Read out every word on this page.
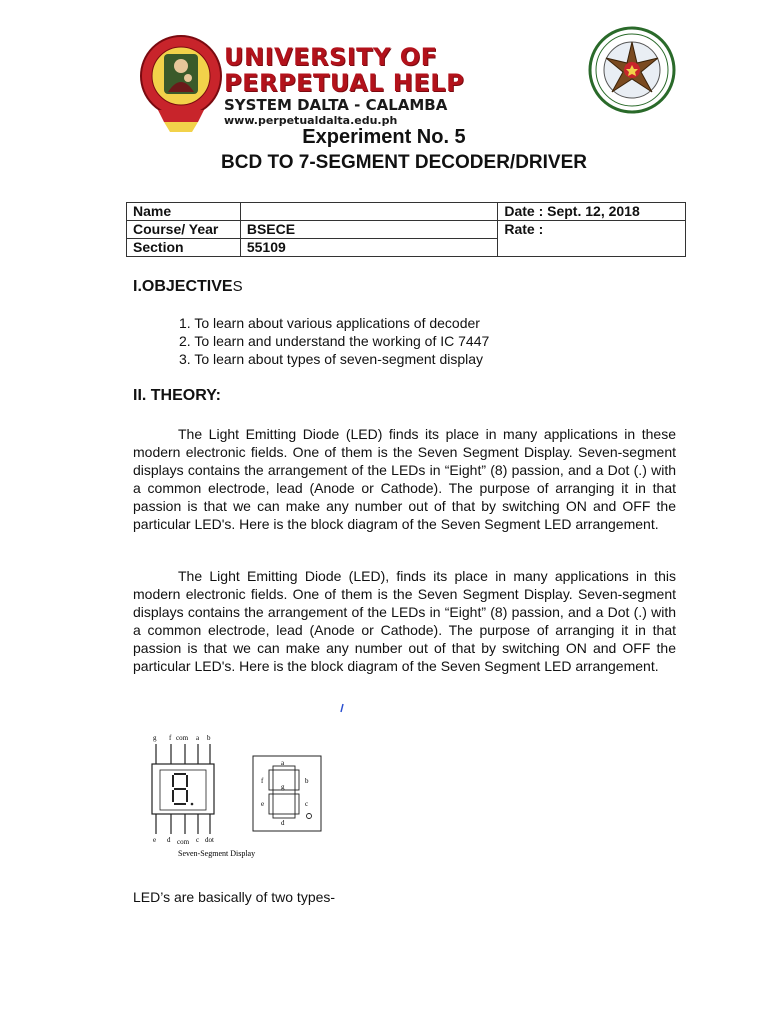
UNIVERSITY OF
PERPETUAL HELP
SYSTEM DALTA - CALAMBA
www.perpetualdalta.edu.ph
Experiment No. 5
BCD TO 7-SEGMENT DECODER/DRIVER
Name		Date : Sept. 12, 2018
Course/ Year	BSECE	Rate :
Section	55109	
I.OBJECTIVES
1. To learn about various applications of decoder
2. To learn and understand the working of IC 7447
3. To learn about types of seven-segment display
II. THEORY:

The Light Emitting Diode (LED) finds its place in many applications in these modern electronic fields. One of them is the Seven Segment Display. Seven-segment displays contains the arrangement of the LEDs in “Eight” (8) passion, and a Dot (.) with a common electrode, lead (Anode or Cathode). The purpose of arranging it in that passion is that we can make any number out of that by switching ON and OFF the particular LED's. Here is the block diagram of the Seven Segment LED arrangement.

The Light Emitting Diode (LED), finds its place in many applications in this modern electronic fields. One of them is the Seven Segment Display. Seven-segment displays contains the arrangement of the LEDs in “Eight” (8) passion, and a Dot (.) with a common electrode, lead (Anode or Cathode). The purpose of arranging it in that passion is that we can make any number out of that by switching ON and OFF the particular LED's. Here is the block diagram of the Seven Segment LED arrangement.

g f com a b
e d com c dot
a
b
c
d
e
f
g
Seven-Segment Display
LED’s are basically of two types-
